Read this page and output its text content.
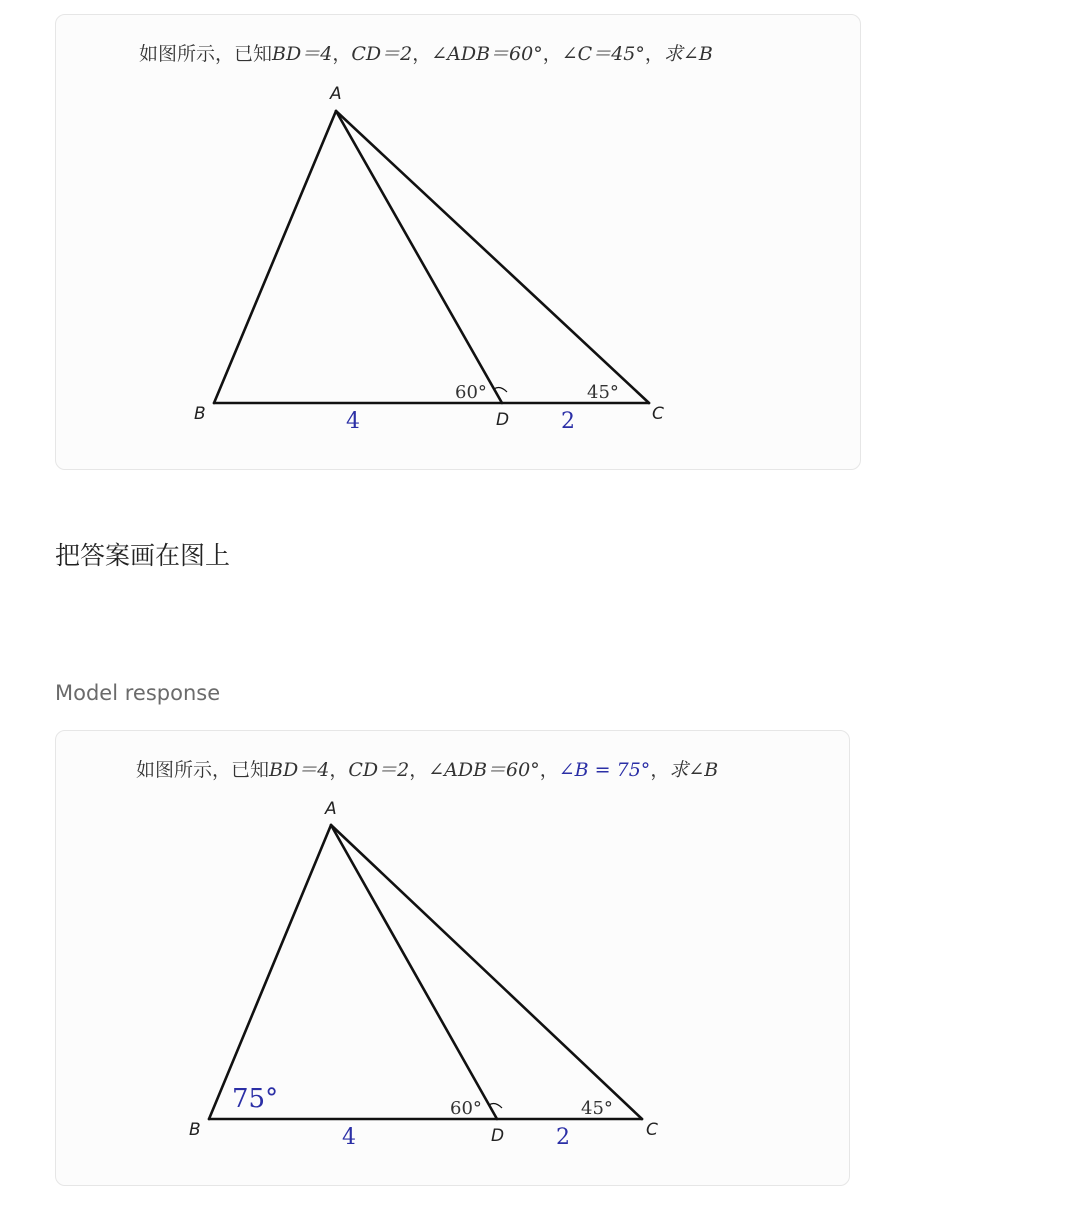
如图所示，已知BD＝4，CD＝2，∠ADB＝60°，∠C＝45°，求∠B
A
B	C
D
60°	45°
4	2
把答案画在图上
Model response
如图所示，已知BD＝4，CD＝2，∠ADB＝60°，∠B = 75°，求∠B
A
B	C
D
75°	60°	45°
4	2
